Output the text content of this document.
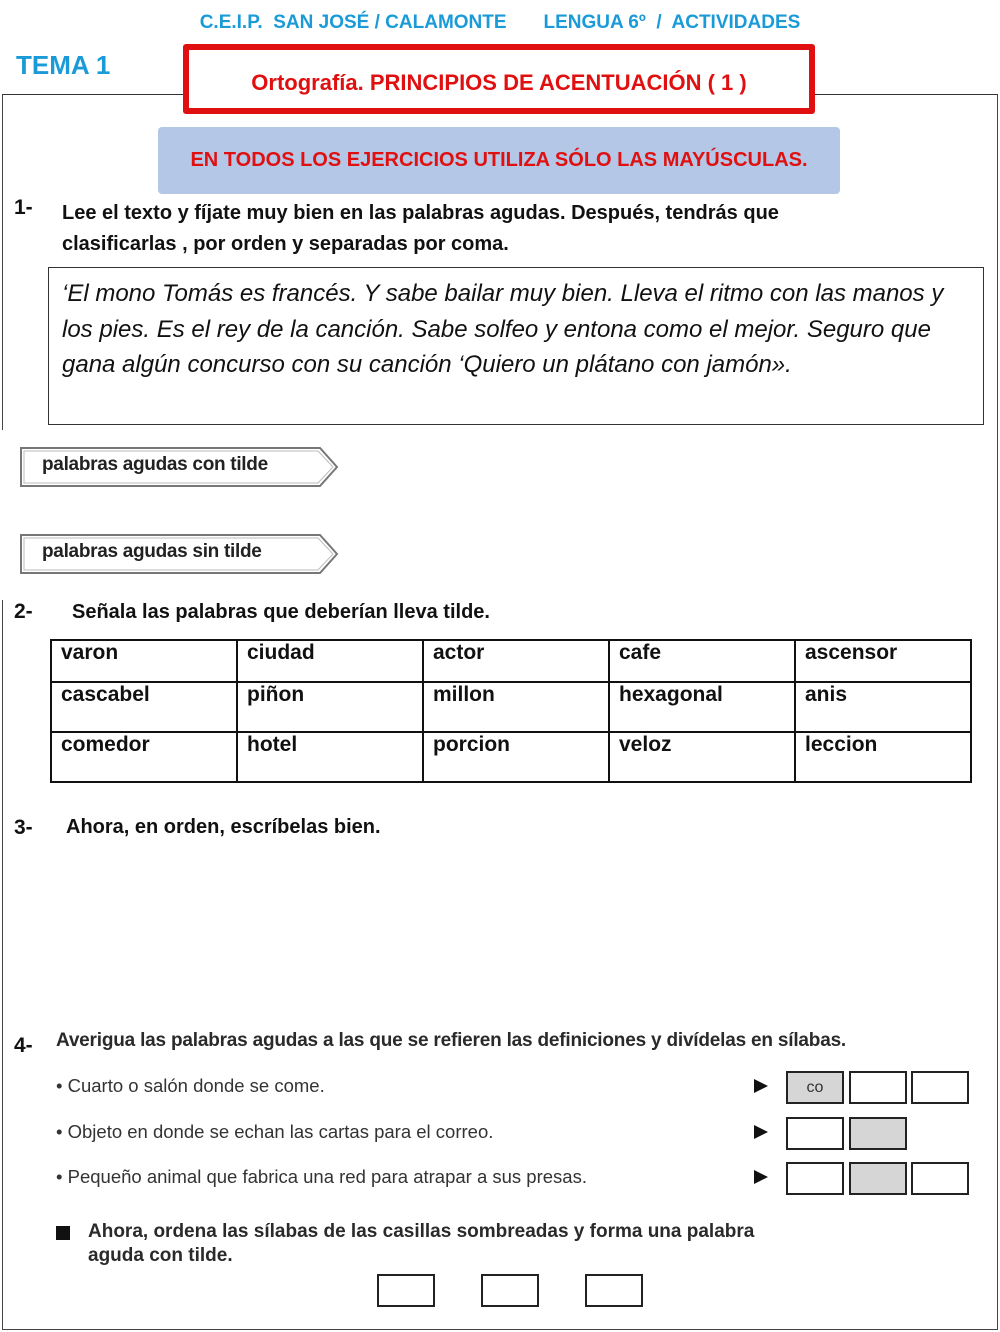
C.E.I.P.  SAN JOSÉ / CALAMONTE LENGUA 6º  /  ACTIVIDADES
TEMA 1
Ortografía. PRINCIPIOS DE ACENTUACIÓN ( 1 )
EN TODOS LOS EJERCICIOS UTILIZA SÓLO LAS MAYÚSCULAS.
1- Lee el texto y fíjate muy bien en las palabras agudas. Después, tendrás que
clasificarlas , por orden y separadas por coma.
‘El mono Tomás es francés. Y sabe bailar muy bien. Lleva el ritmo con las manos y los pies. Es el rey de la canción. Sabe solfeo y entona como el mejor. Seguro que gana algún concurso con su canción ‘Quiero un plátano con jamón».
palabras agudas con tilde
palabras agudas sin tilde
2- Señala las palabras que deberían lleva tilde.
varon	ciudad	actor	cafe	ascensor
cascabel	piñon	millon	hexagonal	anis
comedor	hotel	porcion	veloz	leccion
3- Ahora, en orden, escríbelas bien.
4- Averigua las palabras agudas a las que se refieren las definiciones y divídelas en sílabas.
• Cuarto o salón donde se come.
• Objeto en donde se echan las cartas para el correo.
• Pequeño animal que fabrica una red para atrapar a sus presas.
co
Ahora, ordena las sílabas de las casillas sombreadas y forma una palabra
aguda con tilde.
